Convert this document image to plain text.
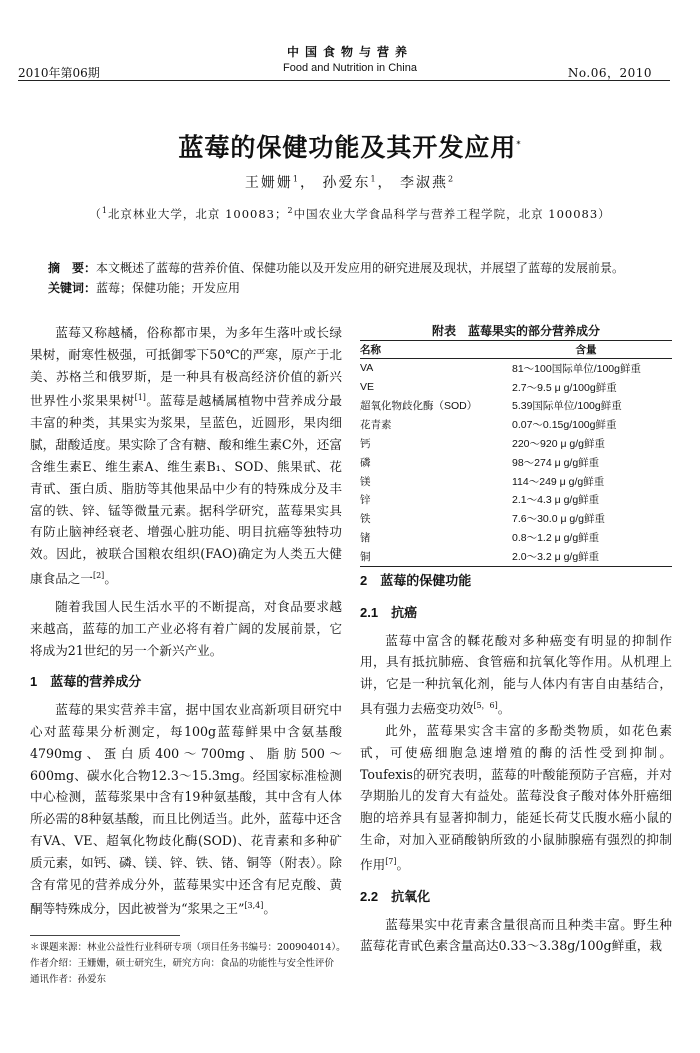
2010年第06期
中国食物与营养
Food and Nutrition in China	No.06，2010
蓝莓的保健功能及其开发应用*
王姗姗$^1$， 孙爱东$^1$， 李淑燕$^2$
（$^1$北京林业大学，北京 100083；$^2$中国农业大学食品科学与营养工程学院，北京 100083）
摘　要：本文概述了蓝莓的营养价值、保健功能以及开发应用的研究进展及现状，并展望了蓝莓的发展前景。
关键词：蓝莓；保健功能；开发应用

蓝莓又称越橘，俗称都市果，为多年生落叶或长绿果树，耐寒性极强，可抵御零下50℃的严寒，原产于北美、苏格兰和俄罗斯，是一种具有极高经济价值的新兴世界性小浆果果树[1]。蓝莓是越橘属植物中营养成分最丰富的种类，其果实为浆果，呈蓝色，近圆形，果肉细腻，甜酸适度。果实除了含有糖、酸和维生素C外，还富含维生素E、维生素A、维生素B₁、SOD、熊果甙、花青甙、蛋白质、脂肪等其他果品中少有的特殊成分及丰富的铁、锌、锰等微量元素。据科学研究，蓝莓果实具有防止脑神经衰老、增强心脏功能、明目抗癌等独特功效。因此，被联合国粮农组织(FAO)确定为人类五大健康食品之一[2]。

随着我国人民生活水平的不断提高，对食品要求越来越高，蓝莓的加工产业必将有着广阔的发展前景，它将成为21世纪的另一个新兴产业。

1　蓝莓的营养成分

蓝莓的果实营养丰富，据中国农业高新项目研究中心对蓝莓果分析测定，每100g蓝莓鲜果中含氨基酸4790mg、蛋白质400～700mg、脂肪500～600mg、碳水化合物12.3～15.3mg。经国家标准检测中心检测，蓝莓浆果中含有19种氨基酸，其中含有人体所必需的8种氨基酸，而且比例适当。此外，蓝莓中还含有VA、VE、超氧化物歧化酶(SOD)、花青素和多种矿质元素，如钙、磷、镁、锌、铁、锗、铜等（附表）。除含有常见的营养成分外，蓝莓果实中还含有尼克酸、黄酮等特殊成分，因此被誉为“浆果之王”[3,4]。

附表　蓝莓果实的部分营养成分
名称	含量
VA	81～100国际单位/100g鲜重
VE	2.7～9.5 μ g/100g鲜重
超氧化物歧化酶（SOD）	5.39国际单位/100g鲜重
花青素	0.07～0.15g/100g鲜重
钙	220～920 μ g/g鲜重
磷	98～274 μ g/g鲜重
镁	114～249 μ g/g鲜重
锌	2.1～4.3 μ g/g鲜重
铁	7.6～30.0 μ g/g鲜重
锗	0.8～1.2 μ g/g鲜重
铜	2.0～3.2 μ g/g鲜重
2　蓝莓的保健功能
2.1　抗癌

蓝莓中富含的鞣花酸对多种癌变有明显的抑制作用，具有抵抗肺癌、食管癌和抗氧化等作用。从机理上讲，它是一种抗氧化剂，能与人体内有害自由基结合，具有强力去癌变功效[5，6]。

此外，蓝莓果实含丰富的多酚类物质，如花色素甙，可使癌细胞急速增殖的酶的活性受到抑制。Toufexis的研究表明，蓝莓的叶酸能预防子宫癌，并对孕期胎儿的发育大有益处。蓝莓没食子酸对体外肝癌细胞的培养具有显著抑制力，能延长荷艾氏腹水癌小鼠的生命，对加入亚硝酸钠所致的小鼠肺腺癌有强烈的抑制作用[7]。

2.2　抗氧化

蓝莓果实中花青素含量很高而且种类丰富。野生种蓝莓花青甙色素含量高达0.33～3.38g/100g鲜重，栽

＊课题来源：林业公益性行业科研专项（项目任务书编号：200904014）。

作者介绍：王姗姗，硕士研究生，研究方向：食品的功能性与安全性评价

通讯作者：孙爱东
